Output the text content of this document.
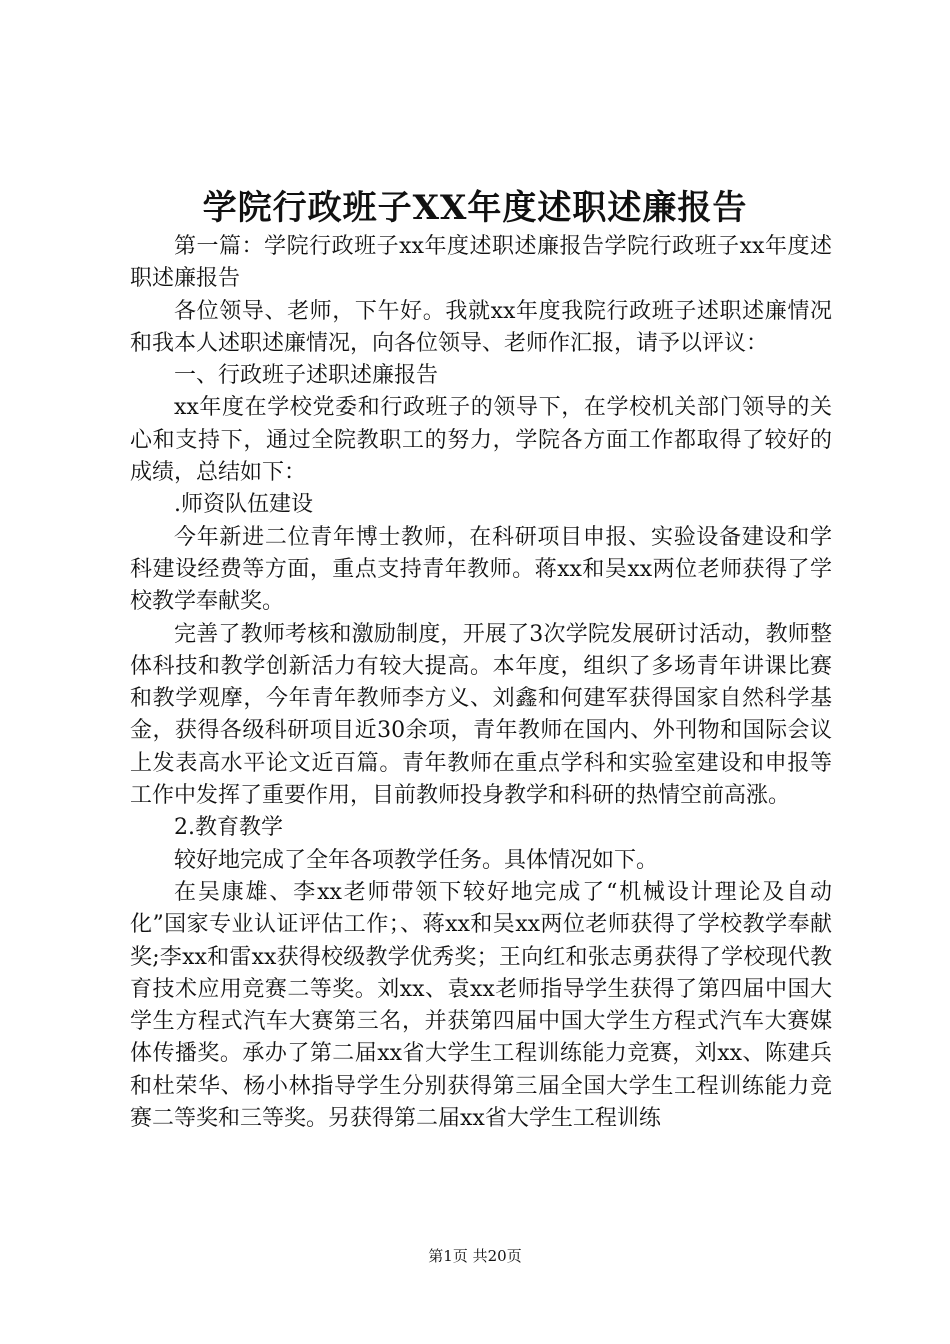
学院行政班子XX年度述职述廉报告

第一篇：学院行政班子xx年度述职述廉报告学院行政班子xx年度述职述廉报告

各位领导、老师，下午好。我就xx年度我院行政班子述职述廉情况和我本人述职述廉情况，向各位领导、老师作汇报，请予以评议：

一、行政班子述职述廉报告

xx年度在学校党委和行政班子的领导下，在学校机关部门领导的关心和支持下，通过全院教职工的努力，学院各方面工作都取得了较好的成绩，总结如下：

.师资队伍建设

今年新进二位青年博士教师，在科研项目申报、实验设备建设和学科建设经费等方面，重点支持青年教师。蒋xx和吴xx两位老师获得了学校教学奉献奖。

完善了教师考核和激励制度，开展了3次学院发展研讨活动，教师整体科技和教学创新活力有较大提高。本年度，组织了多场青年讲课比赛和教学观摩，今年青年教师李方义、刘鑫和何建军获得国家自然科学基金，获得各级科研项目近30余项，青年教师在国内、外刊物和国际会议上发表高水平论文近百篇。青年教师在重点学科和实验室建设和申报等工作中发挥了重要作用，目前教师投身教学和科研的热情空前高涨。

2.教育教学

较好地完成了全年各项教学任务。具体情况如下。

在吴康雄、李xx老师带领下较好地完成了“机械设计理论及自动化”国家专业认证评估工作；、蒋xx和吴xx两位老师获得了学校教学奉献奖;李xx和雷xx获得校级教学优秀奖；王向红和张志勇获得了学校现代教育技术应用竞赛二等奖。刘xx、袁xx老师指导学生获得了第四届中国大学生方程式汽车大赛第三名，并获第四届中国大学生方程式汽车大赛媒体传播奖。承办了第二届xx省大学生工程训练能力竞赛，刘xx、陈建兵和杜荣华、杨小林指导学生分别获得第三届全国大学生工程训练能力竞赛二等奖和三等奖。另获得第二届xx省大学生工程训练

第1页 共20页
